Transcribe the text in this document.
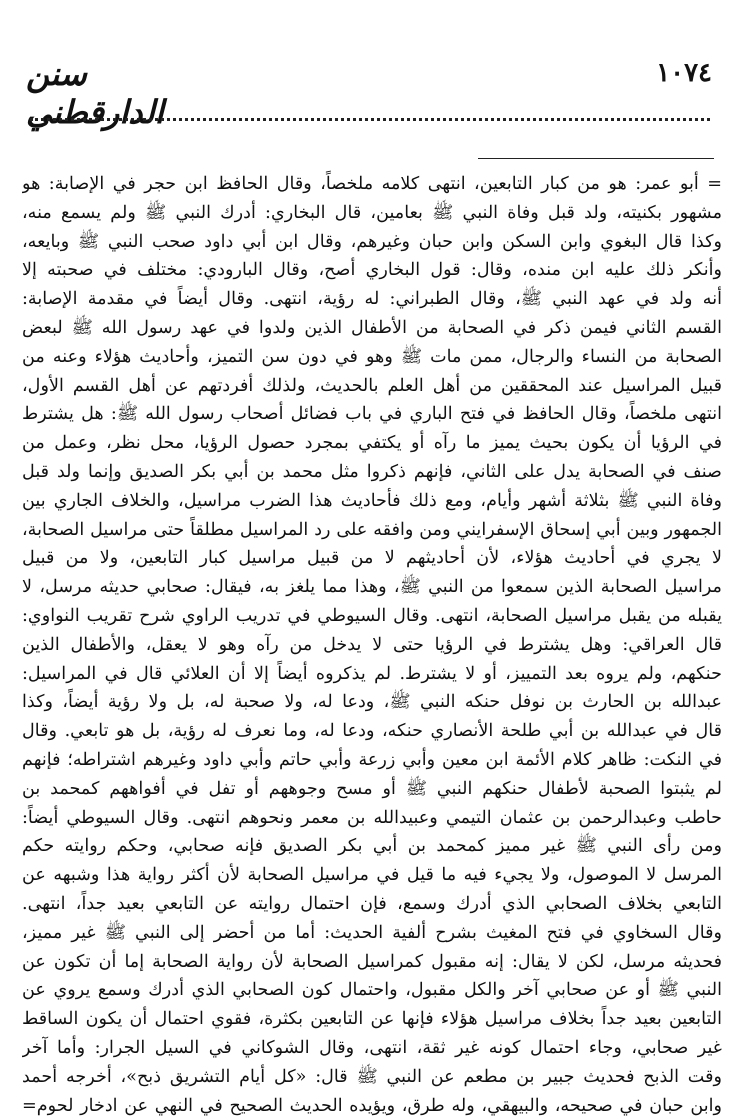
١٠٧٤
سنن الدارقطني
= أبو عمر: هو من كبار التابعين، انتهى كلامه ملخصاً، وقال الحافظ ابن حجر في الإصابة: هو
مشهور بكنيته، ولد قبل وفاة النبي ﷺ بعامين، قال البخاري: أدرك النبي ﷺ ولم يسمع منه،
وكذا قال البغوي وابن السكن وابن حبان وغيرهم، وقال ابن أبي داود صحب النبي ﷺ وبايعه،
وأنكر ذلك عليه ابن منده، وقال: قول البخاري أصح، وقال البارودي: مختلف في صحبته إلا
أنه ولد في عهد النبي ﷺ، وقال الطبراني: له رؤية، انتهى. وقال أيضاً في مقدمة الإصابة:
القسم الثاني فيمن ذكر في الصحابة من الأطفال الذين ولدوا في عهد رسول الله ﷺ لبعض
الصحابة من النساء والرجال، ممن مات ﷺ وهو في دون سن التميز، وأحاديث هؤلاء وعنه من
قبيل المراسيل عند المحققين من أهل العلم بالحديث، ولذلك أفردتهم عن أهل القسم الأول،
انتهى ملخصاً، وقال الحافظ في فتح الباري في باب فضائل أصحاب رسول الله ﷺ: هل يشترط
في الرؤيا أن يكون بحيث يميز ما رآه أو يكتفي بمجرد حصول الرؤيا، محل نظر، وعمل من
صنف في الصحابة يدل على الثاني، فإنهم ذكروا مثل محمد بن أبي بكر الصديق وإنما ولد قبل
وفاة النبي ﷺ بثلاثة أشهر وأيام، ومع ذلك فأحاديث هذا الضرب مراسيل، والخلاف الجاري بين
الجمهور وبين أبي إسحاق الإسفرايني ومن وافقه على رد المراسيل مطلقاً حتى مراسيل الصحابة،
لا يجري في أحاديث هؤلاء، لأن أحاديثهم لا من قبيل مراسيل كبار التابعين، ولا من قبيل
مراسيل الصحابة الذين سمعوا من النبي ﷺ، وهذا مما يلغز به، فيقال: صحابي حديثه مرسل، لا
يقبله من يقبل مراسيل الصحابة، انتهى. وقال السيوطي في تدريب الراوي شرح تقريب النواوي:
قال العراقي: وهل يشترط في الرؤيا حتى لا يدخل من رآه وهو لا يعقل، والأطفال الذين
حنكهم، ولم يروه بعد التمييز، أو لا يشترط. لم يذكروه أيضاً إلا أن العلائي قال في المراسيل:
عبدالله بن الحارث بن نوفل حنكه النبي ﷺ، ودعا له، ولا صحبة له، بل ولا رؤية أيضاً، وكذا
قال في عبدالله بن أبي طلحة الأنصاري حنكه، ودعا له، وما نعرف له رؤية، بل هو تابعي. وقال
في النكت: ظاهر كلام الأئمة ابن معين وأبي زرعة وأبي حاتم وأبي داود وغيرهم اشتراطه؛ فإنهم
لم يثبتوا الصحبة لأطفال حنكهم النبي ﷺ أو مسح وجوههم أو تفل في أفواههم كمحمد بن
حاطب وعبدالرحمن بن عثمان التيمي وعبيدالله بن معمر ونحوهم انتهى. وقال السيوطي أيضاً:
ومن رأى النبي ﷺ غير مميز كمحمد بن أبي بكر الصديق فإنه صحابي، وحكم روايته حكم
المرسل لا الموصول، ولا يجيء فيه ما قيل في مراسيل الصحابة لأن أكثر رواية هذا وشبهه عن
التابعي بخلاف الصحابي الذي أدرك وسمع، فإن احتمال روايته عن التابعي بعيد جداً، انتهى.
وقال السخاوي في فتح المغيث بشرح ألفية الحديث: أما من أحضر إلى النبي ﷺ غير مميز،
فحديثه مرسل، لكن لا يقال: إنه مقبول كمراسيل الصحابة لأن رواية الصحابة إما أن تكون عن
النبي ﷺ أو عن صحابي آخر والكل مقبول، واحتمال كون الصحابي الذي أدرك وسمع يروي عن
التابعين بعيد جداً بخلاف مراسيل هؤلاء فإنها عن التابعين بكثرة، فقوي احتمال أن يكون الساقط
غير صحابي، وجاء احتمال كونه غير ثقة، انتهى، وقال الشوكاني في السيل الجرار: وأما آخر
وقت الذبح فحديث جبير بن مطعم عن النبي ﷺ قال: «كل أيام التشريق ذبح»، أخرجه أحمد
وابن حبان في صحيحه، والبيهقي، وله طرق، ويؤيده الحديث الصحيح في النهي عن ادخار لحوم=
